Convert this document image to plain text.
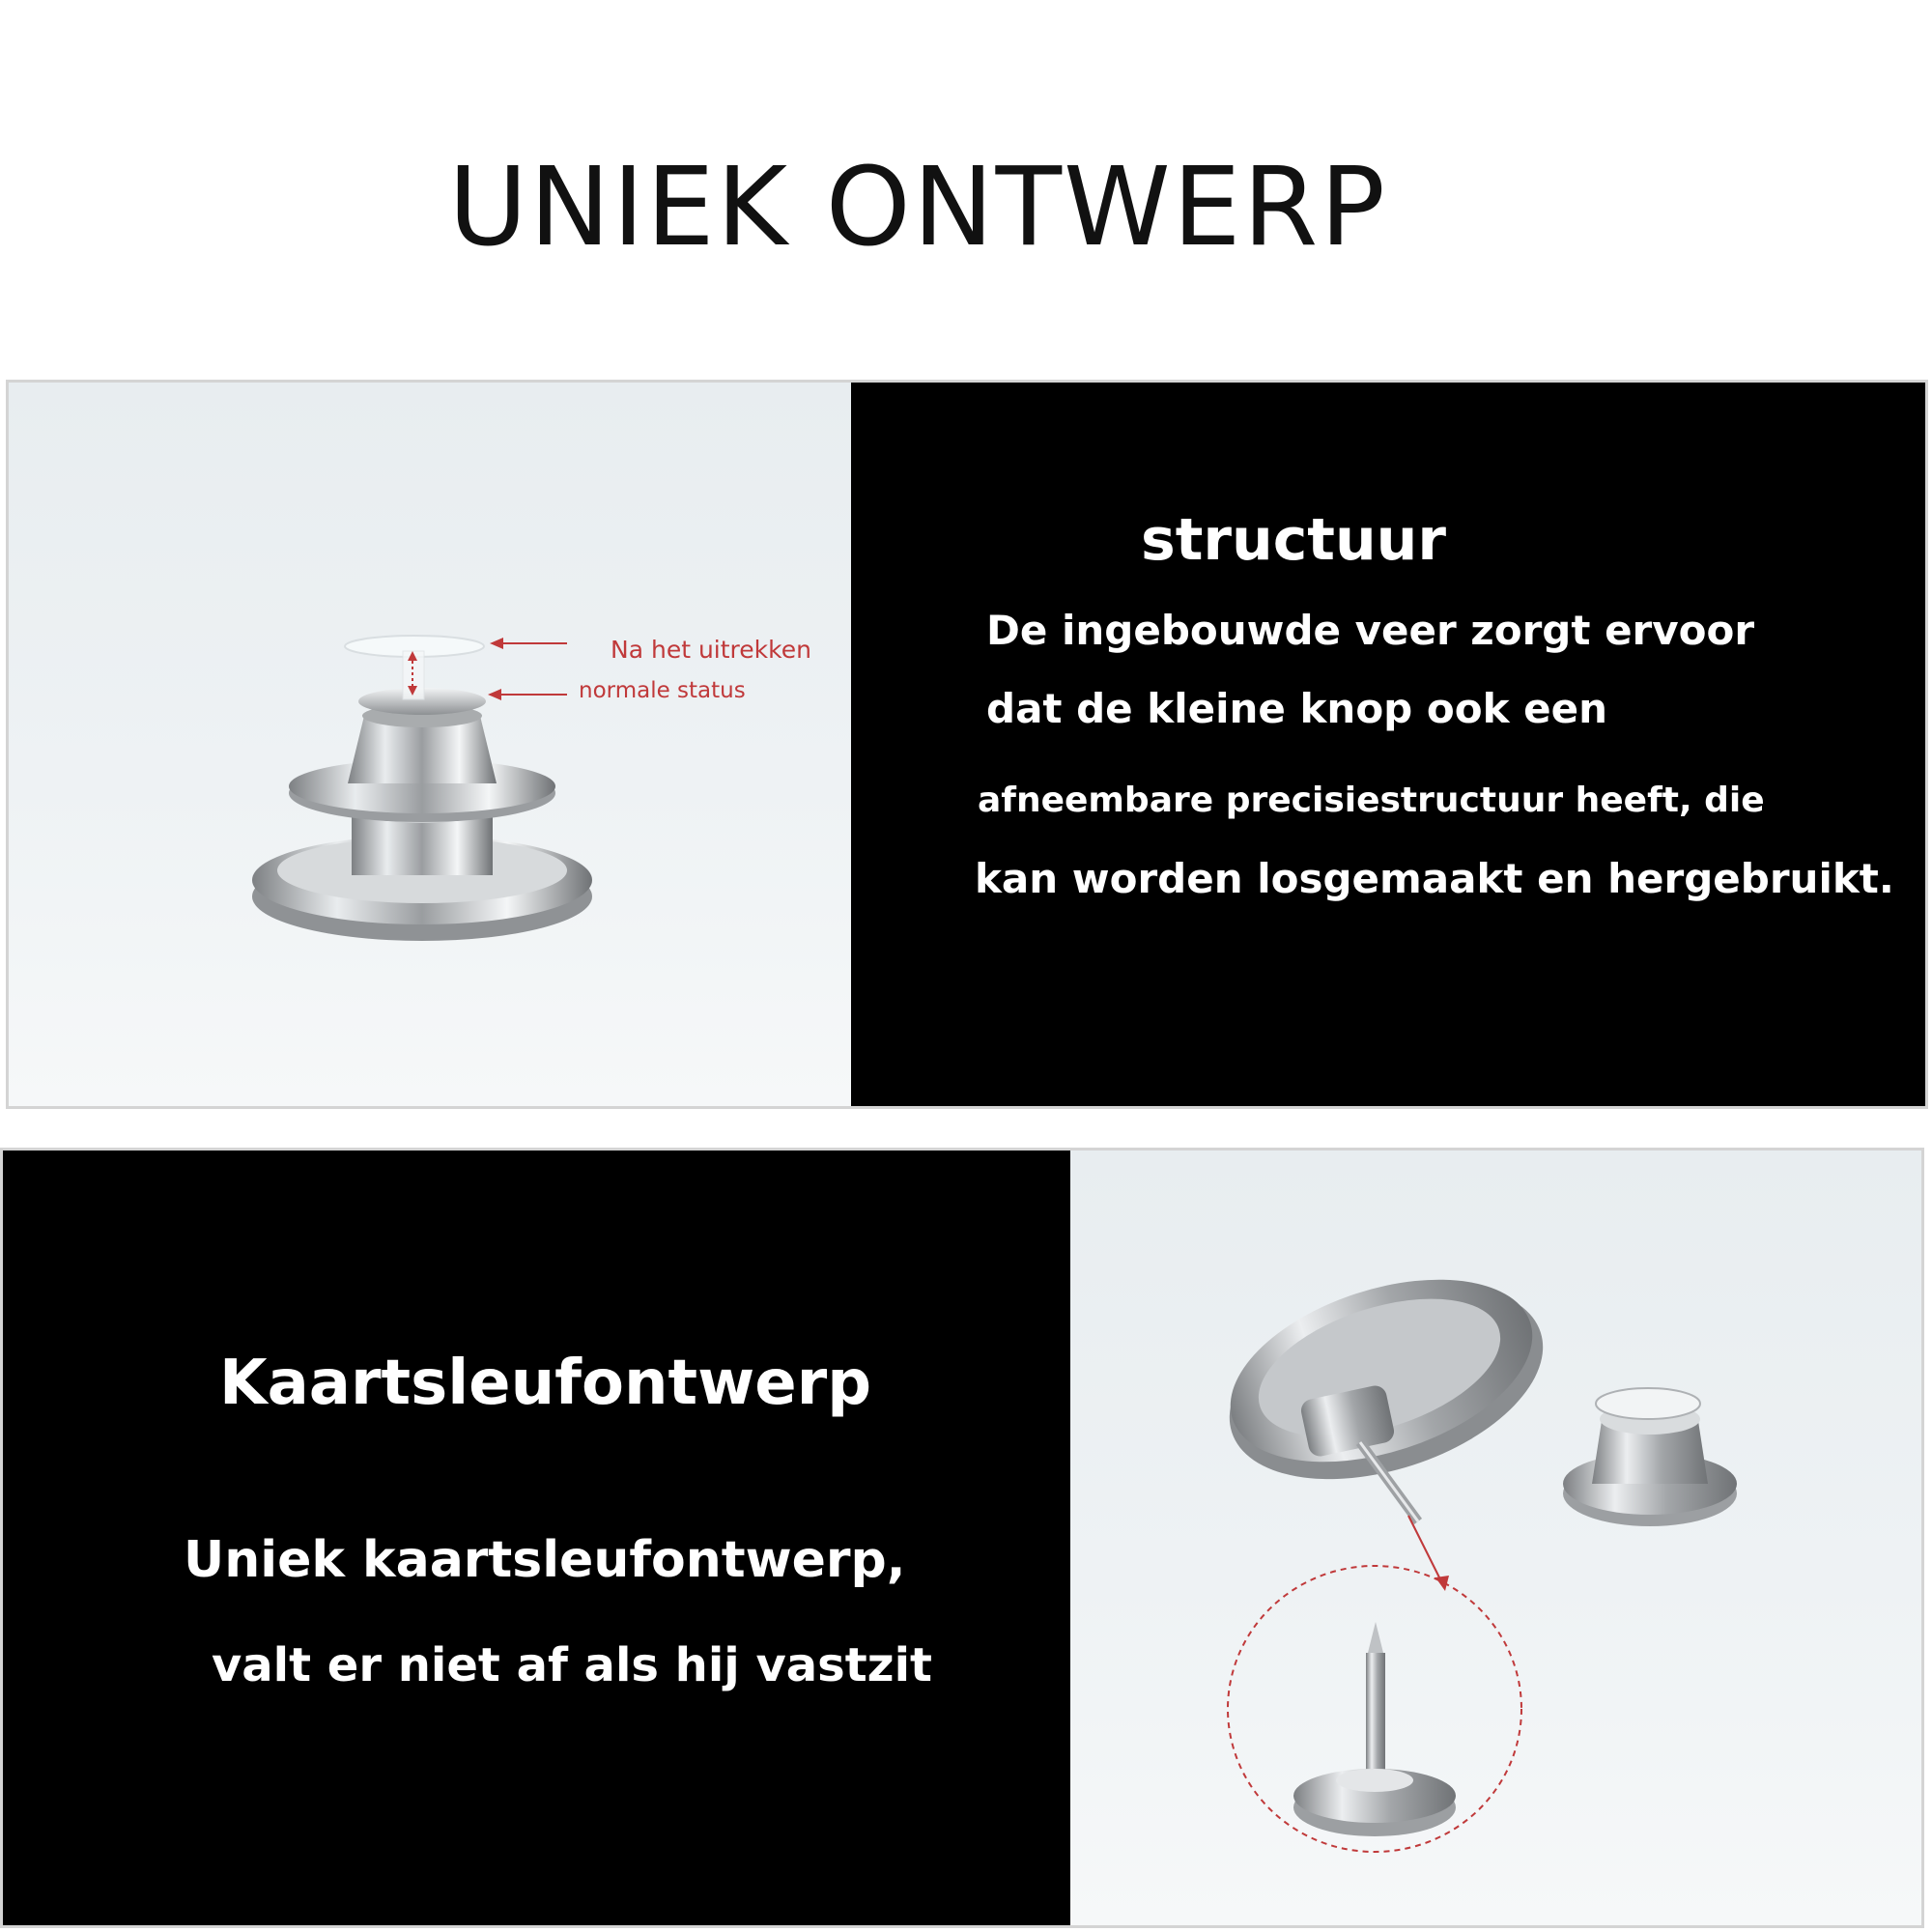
UNIEK ONTWERP
Na het uitrekken
normale status
structuur
De ingebouwde veer zorgt ervoor
dat de kleine knop ook een
afneembare precisiestructuur heeft, die
kan worden losgemaakt en hergebruikt.
Kaartsleufontwerp
Uniek kaartsleufontwerp,
valt er niet af als hij vastzit
